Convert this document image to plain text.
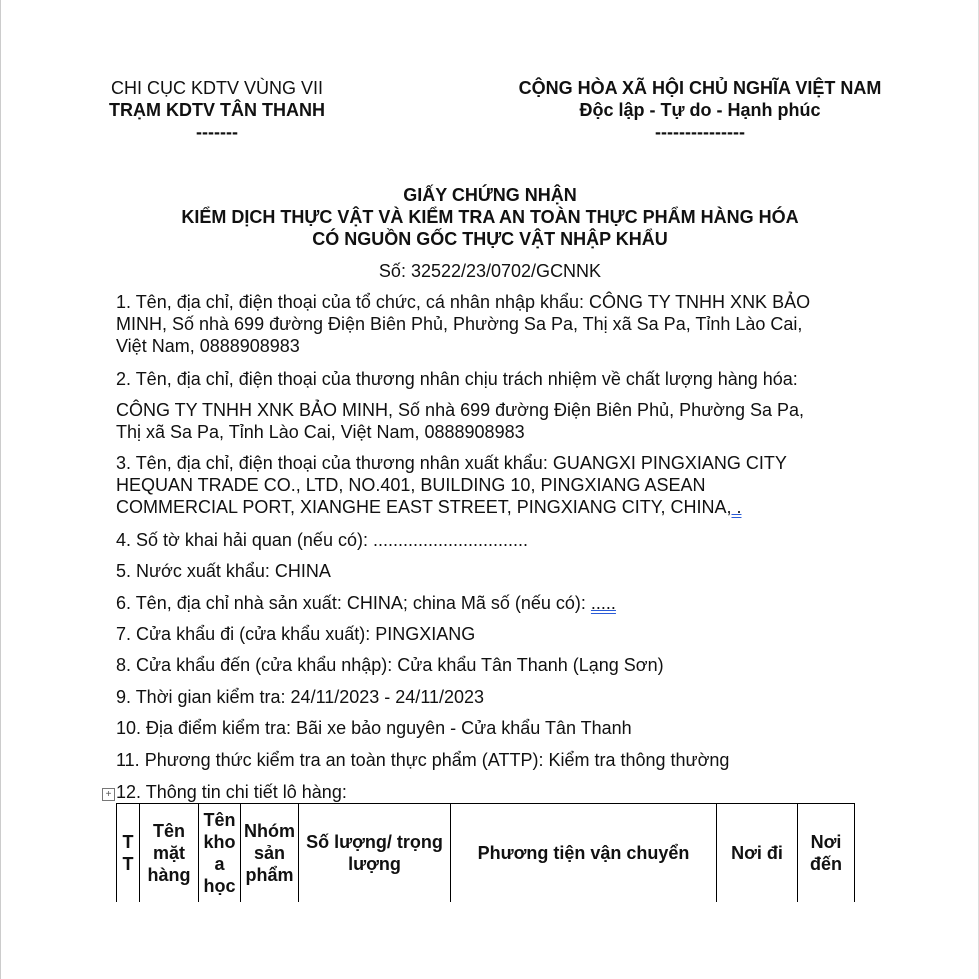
CHI CỤC KDTV VÙNG VII
TRẠM KDTV TÂN THANH
-------
CỘNG HÒA XÃ HỘI CHỦ NGHĨA VIỆT NAM
Độc lập - Tự do - Hạnh phúc
---------------
GIẤY CHỨNG NHẬN
KIỂM DỊCH THỰC VẬT VÀ KIỂM TRA AN TOÀN THỰC PHẨM HÀNG HÓA
CÓ NGUỒN GỐC THỰC VẬT NHẬP KHẨU
Số: 32522/23/0702/GCNNK
1. Tên, địa chỉ, điện thoại của tổ chức, cá nhân nhập khẩu: CÔNG TY TNHH XNK BẢO
MINH, Số nhà 699 đường Điện Biên Phủ, Phường Sa Pa, Thị xã Sa Pa, Tỉnh Lào Cai,
Việt Nam, 0888908983
2. Tên, địa chỉ, điện thoại của thương nhân chịu trách nhiệm về chất lượng hàng hóa:
CÔNG TY TNHH XNK BẢO MINH, Số nhà 699 đường Điện Biên Phủ, Phường Sa Pa,
Thị xã Sa Pa, Tỉnh Lào Cai, Việt Nam, 0888908983
3. Tên, địa chỉ, điện thoại của thương nhân xuất khẩu: GUANGXI PINGXIANG CITY
HEQUAN TRADE CO., LTD, NO.401, BUILDING 10, PINGXIANG ASEAN
COMMERCIAL PORT, XIANGHE EAST STREET, PINGXIANG CITY, CHINA, .
4. Số tờ khai hải quan (nếu có): ...............................
5. Nước xuất khẩu: CHINA
6. Tên, địa chỉ nhà sản xuất: CHINA; china Mã số (nếu có): .....
7. Cửa khẩu đi (cửa khẩu xuất): PINGXIANG
8. Cửa khẩu đến (cửa khẩu nhập): Cửa khẩu Tân Thanh (Lạng Sơn)
9. Thời gian kiểm tra: 24/11/2023 - 24/11/2023
10. Địa điểm kiểm tra: Bãi xe bảo nguyên - Cửa khẩu Tân Thanh
11. Phương thức kiểm tra an toàn thực phẩm (ATTP): Kiểm tra thông thường
+ 12. Thông tin chi tiết lô hàng:
T T	Tên mặt hàng	Tên kho a học	Nhóm sản phẩm	Số lượng/ trọng lượng	Phương tiện vận chuyển	Nơi đi	Nơi đến
